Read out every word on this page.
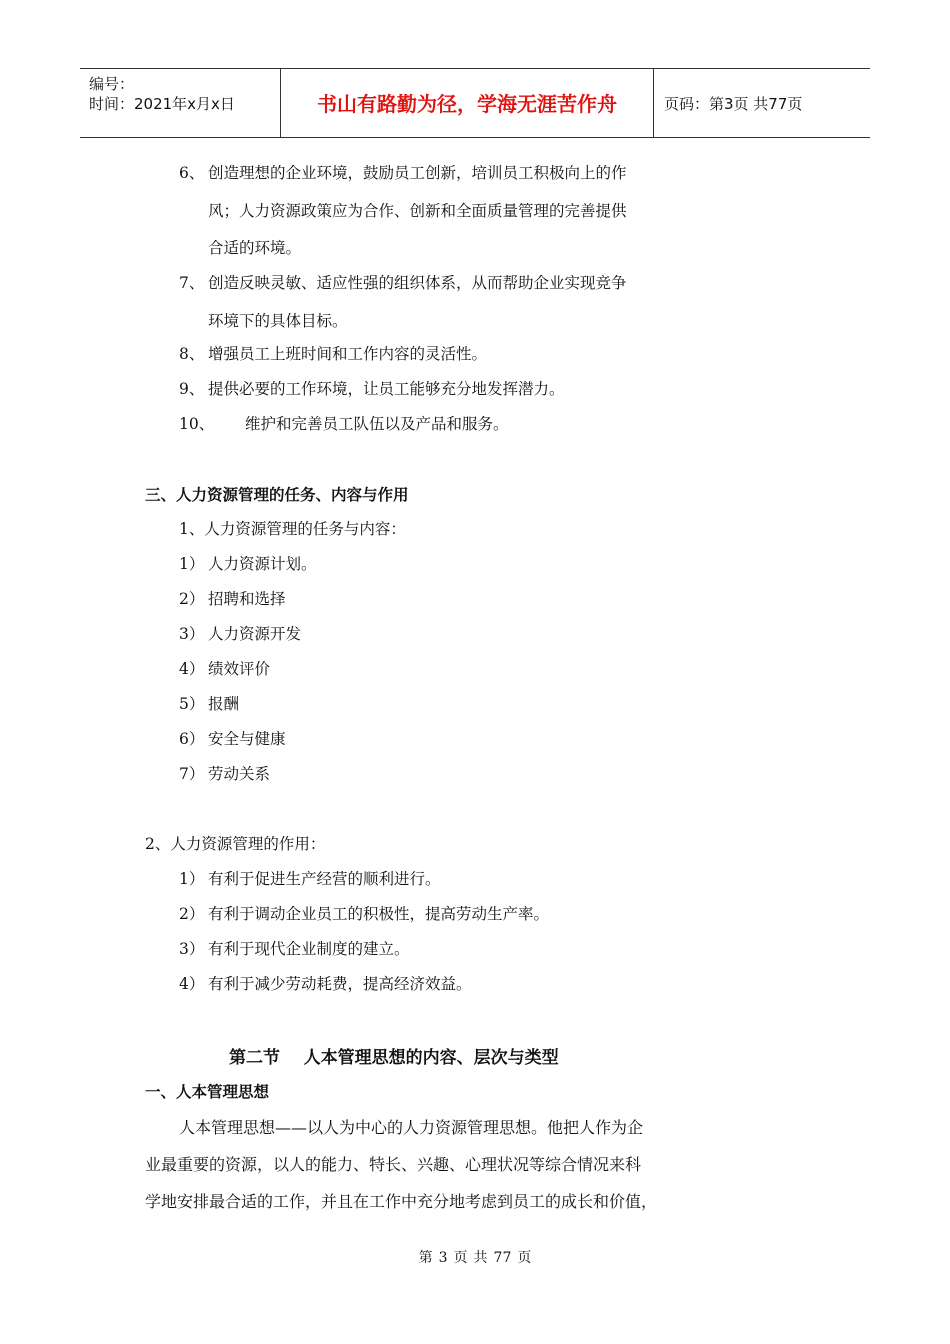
编号：
时间：2021年x月x日	书山有路勤为径，学海无涯苦作舟	页码：第3页 共77页
6、 创造理想的企业环境，鼓励员工创新，培训员工积极向上的作
风；人力资源政策应为合作、创新和全面质量管理的完善提供
合适的环境。
7、 创造反映灵敏、适应性强的组织体系，从而帮助企业实现竞争
环境下的具体目标。
8、 增强员工上班时间和工作内容的灵活性。
9、 提供必要的工作环境，让员工能够充分地发挥潜力。
10、 维护和完善员工队伍以及产品和服务。
三、人力资源管理的任务、内容与作用
1、人力资源管理的任务与内容：
1） 人力资源计划。
2） 招聘和选择
3） 人力资源开发
4） 绩效评价
5） 报酬
6） 安全与健康
7） 劳动关系
2、人力资源管理的作用：
1） 有利于促进生产经营的顺利进行。
2） 有利于调动企业员工的积极性，提高劳动生产率。
3） 有利于现代企业制度的建立。
4） 有利于减少劳动耗费，提高经济效益。
第二节    人本管理思想的内容、层次与类型
一、人本管理思想
人本管理思想——以人为中心的人力资源管理思想。他把人作为企
业最重要的资源，以人的能力、特长、兴趣、心理状况等综合情况来科
学地安排最合适的工作，并且在工作中充分地考虑到员工的成长和价值，
第 3 页 共 77 页
